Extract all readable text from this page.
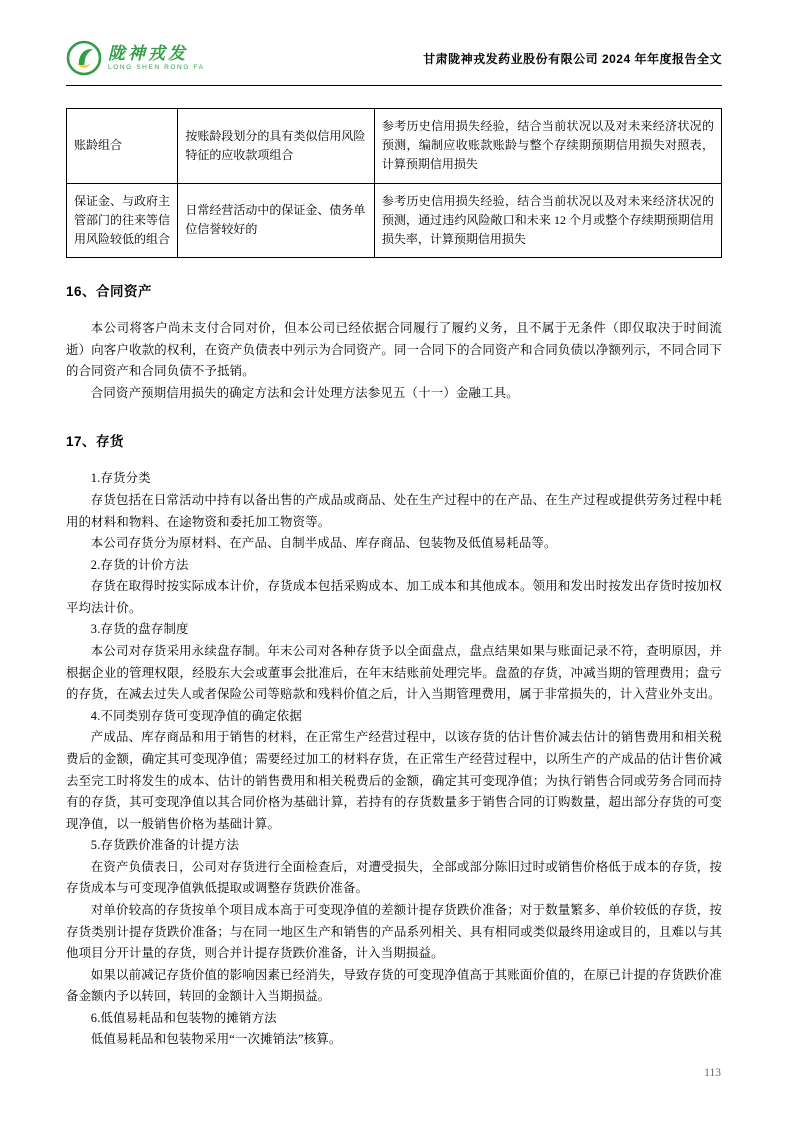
陇神戎发
LONG SHEN RONG FA
甘肃陇神戎发药业股份有限公司 2024 年年度报告全文
账龄组合	按账龄段划分的具有类似信用风险特征的应收款项组合	参考历史信用损失经验，结合当前状况以及对未来经济状况的预测，编制应收账款账龄与整个存续期预期信用损失对照表，计算预期信用损失
保证金、与政府主管部门的往来等信用风险较低的组合	日常经营活动中的保证金、债务单位信誉较好的	参考历史信用损失经验，结合当前状况以及对未来经济状况的预测，通过违约风险敞口和未来 12 个月或整个存续期预期信用损失率，计算预期信用损失
16、合同资产

本公司将客户尚未支付合同对价，但本公司已经依据合同履行了履约义务，且不属于无条件（即仅取决于时间流逝）向客户收款的权利，在资产负债表中列示为合同资产。同一合同下的合同资产和合同负债以净额列示，不同合同下的合同资产和合同负债不予抵销。

合同资产预期信用损失的确定方法和会计处理方法参见五（十一）金融工具。

17、存货

1.存货分类

存货包括在日常活动中持有以备出售的产成品或商品、处在生产过程中的在产品、在生产过程或提供劳务过程中耗用的材料和物料、在途物资和委托加工物资等。

本公司存货分为原材料、在产品、自制半成品、库存商品、包装物及低值易耗品等。

2.存货的计价方法

存货在取得时按实际成本计价，存货成本包括采购成本、加工成本和其他成本。领用和发出时按发出存货时按加权平均法计价。

3.存货的盘存制度

本公司对存货采用永续盘存制。年末公司对各种存货予以全面盘点，盘点结果如果与账面记录不符，查明原因，并根据企业的管理权限，经股东大会或董事会批准后，在年末结账前处理完毕。盘盈的存货，冲减当期的管理费用；盘亏的存货，在减去过失人或者保险公司等赔款和残料价值之后，计入当期管理费用，属于非常损失的，计入营业外支出。

4.不同类别存货可变现净值的确定依据

产成品、库存商品和用于销售的材料，在正常生产经营过程中，以该存货的估计售价减去估计的销售费用和相关税费后的金额，确定其可变现净值；需要经过加工的材料存货，在正常生产经营过程中，以所生产的产成品的估计售价减去至完工时将发生的成本、估计的销售费用和相关税费后的金额，确定其可变现净值；为执行销售合同或劳务合同而持有的存货，其可变现净值以其合同价格为基础计算，若持有的存货数量多于销售合同的订购数量，超出部分存货的可变现净值，以一般销售价格为基础计算。

5.存货跌价准备的计提方法

在资产负债表日，公司对存货进行全面检查后，对遭受损失，全部或部分陈旧过时或销售价格低于成本的存货，按存货成本与可变现净值孰低提取或调整存货跌价准备。

对单价较高的存货按单个项目成本高于可变现净值的差额计提存货跌价准备；对于数量繁多、单价较低的存货，按存货类别计提存货跌价准备；与在同一地区生产和销售的产品系列相关、具有相同或类似最终用途或目的，且难以与其他项目分开计量的存货，则合并计提存货跌价准备，计入当期损益。

如果以前减记存货价值的影响因素已经消失，导致存货的可变现净值高于其账面价值的，在原已计提的存货跌价准备金额内予以转回，转回的金额计入当期损益。

6.低值易耗品和包装物的摊销方法

低值易耗品和包装物采用“一次摊销法”核算。

113
